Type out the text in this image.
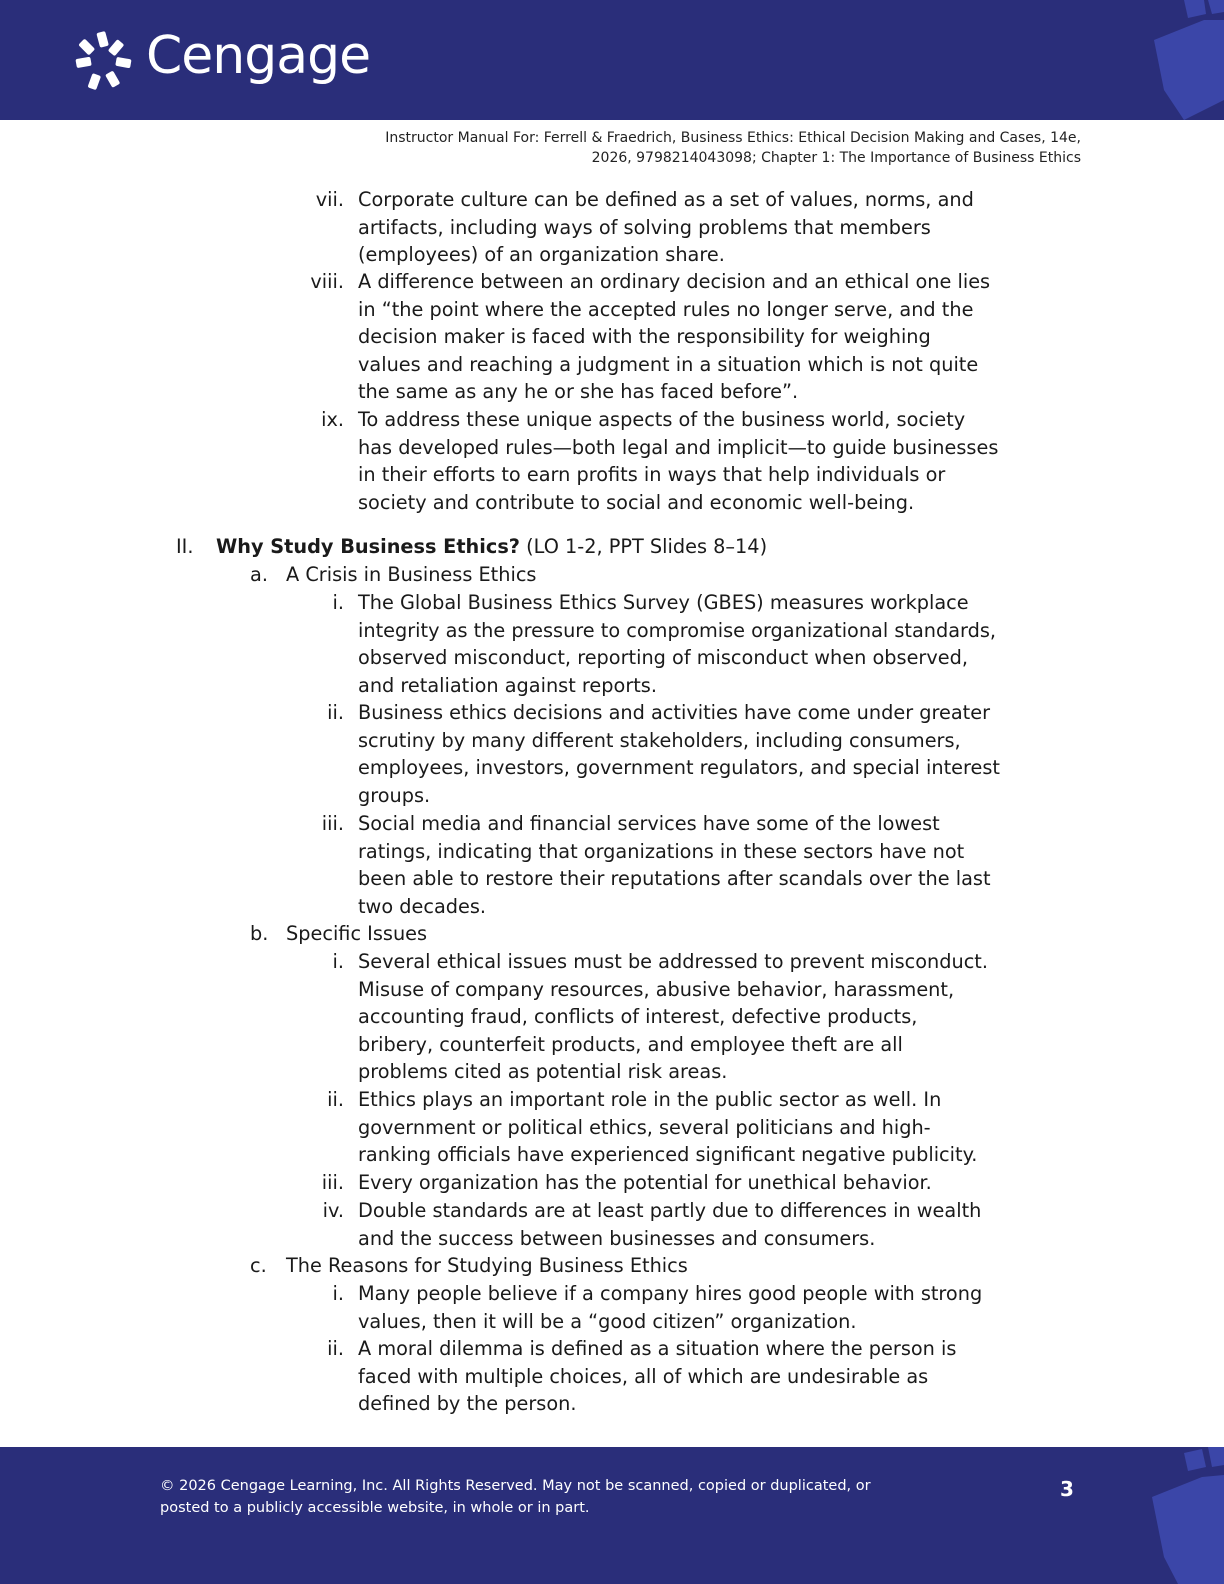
Cengage
Instructor Manual For: Ferrell & Fraedrich, Business Ethics: Ethical Decision Making and Cases, 14e,
2026, 9798214043098; Chapter 1: The Importance of Business Ethics
vii. Corporate culture can be defined as a set of values, norms, and
artifacts, including ways of solving problems that members
(employees) of an organization share.
viii. A difference between an ordinary decision and an ethical one lies
in “the point where the accepted rules no longer serve, and the
decision maker is faced with the responsibility for weighing
values and reaching a judgment in a situation which is not quite
the same as any he or she has faced before”.
ix. To address these unique aspects of the business world, society
has developed rules—both legal and implicit—to guide businesses
in their efforts to earn profits in ways that help individuals or
society and contribute to social and economic well-being.
II. Why Study Business Ethics? (LO 1-2, PPT Slides 8–14)
a. A Crisis in Business Ethics
i. The Global Business Ethics Survey (GBES) measures workplace
integrity as the pressure to compromise organizational standards,
observed misconduct, reporting of misconduct when observed,
and retaliation against reports.
ii. Business ethics decisions and activities have come under greater
scrutiny by many different stakeholders, including consumers,
employees, investors, government regulators, and special interest
groups.
iii. Social media and financial services have some of the lowest
ratings, indicating that organizations in these sectors have not
been able to restore their reputations after scandals over the last
two decades.
b. Specific Issues
i. Several ethical issues must be addressed to prevent misconduct.
Misuse of company resources, abusive behavior, harassment,
accounting fraud, conflicts of interest, defective products,
bribery, counterfeit products, and employee theft are all
problems cited as potential risk areas.
ii. Ethics plays an important role in the public sector as well. In
government or political ethics, several politicians and high-
ranking officials have experienced significant negative publicity.
iii. Every organization has the potential for unethical behavior.
iv. Double standards are at least partly due to differences in wealth
and the success between businesses and consumers.
c. The Reasons for Studying Business Ethics
i. Many people believe if a company hires good people with strong
values, then it will be a “good citizen” organization.
ii. A moral dilemma is defined as a situation where the person is
faced with multiple choices, all of which are undesirable as
defined by the person.
© 2026 Cengage Learning, Inc. All Rights Reserved. May not be scanned, copied or duplicated, or
posted to a publicly accessible website, in whole or in part.
3
